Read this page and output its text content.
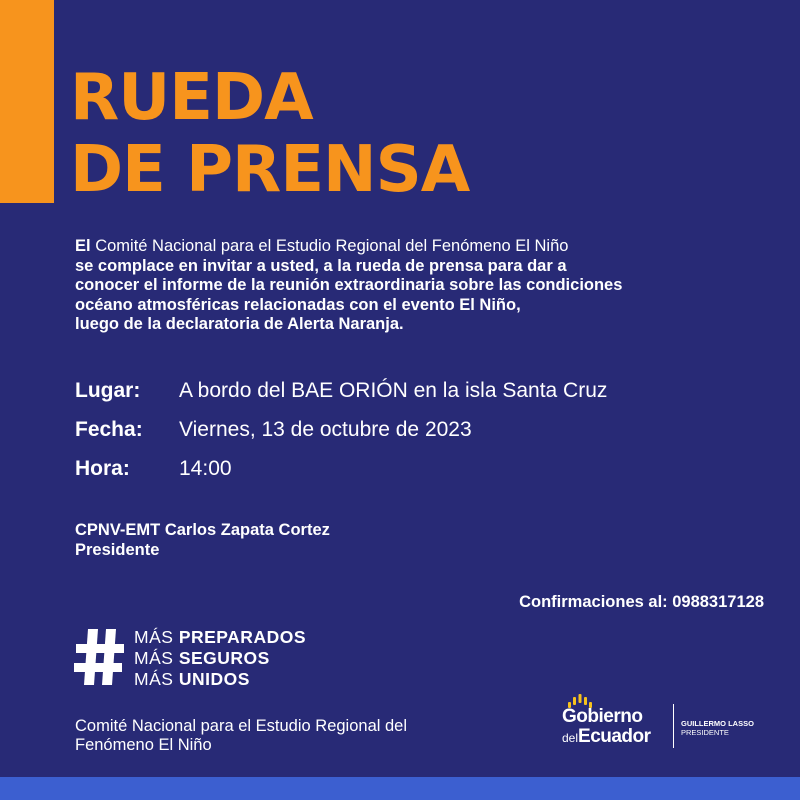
RUEDA
DE PRENSA
El Comité Nacional para el Estudio Regional del Fenómeno El Niño
se complace en invitar a usted, a la rueda de prensa para dar a
conocer el informe de la reunión extraordinaria sobre las condiciones
océano atmosféricas relacionadas con el evento El Niño,
luego de la declaratoria de Alerta Naranja.
Lugar: A bordo del BAE ORIÓN en la isla Santa Cruz
Fecha: Viernes, 13 de octubre de 2023
Hora: 14:00
CPNV-EMT Carlos Zapata Cortez
Presidente
Confirmaciones al: 0988317128
MÁS PREPARADOS
MÁS SEGUROS
MÁS UNIDOS
Comité Nacional para el Estudio Regional del
Fenómeno El Niño
Gobierno
delEcuador
GUILLERMO LASSO
PRESIDENTE
